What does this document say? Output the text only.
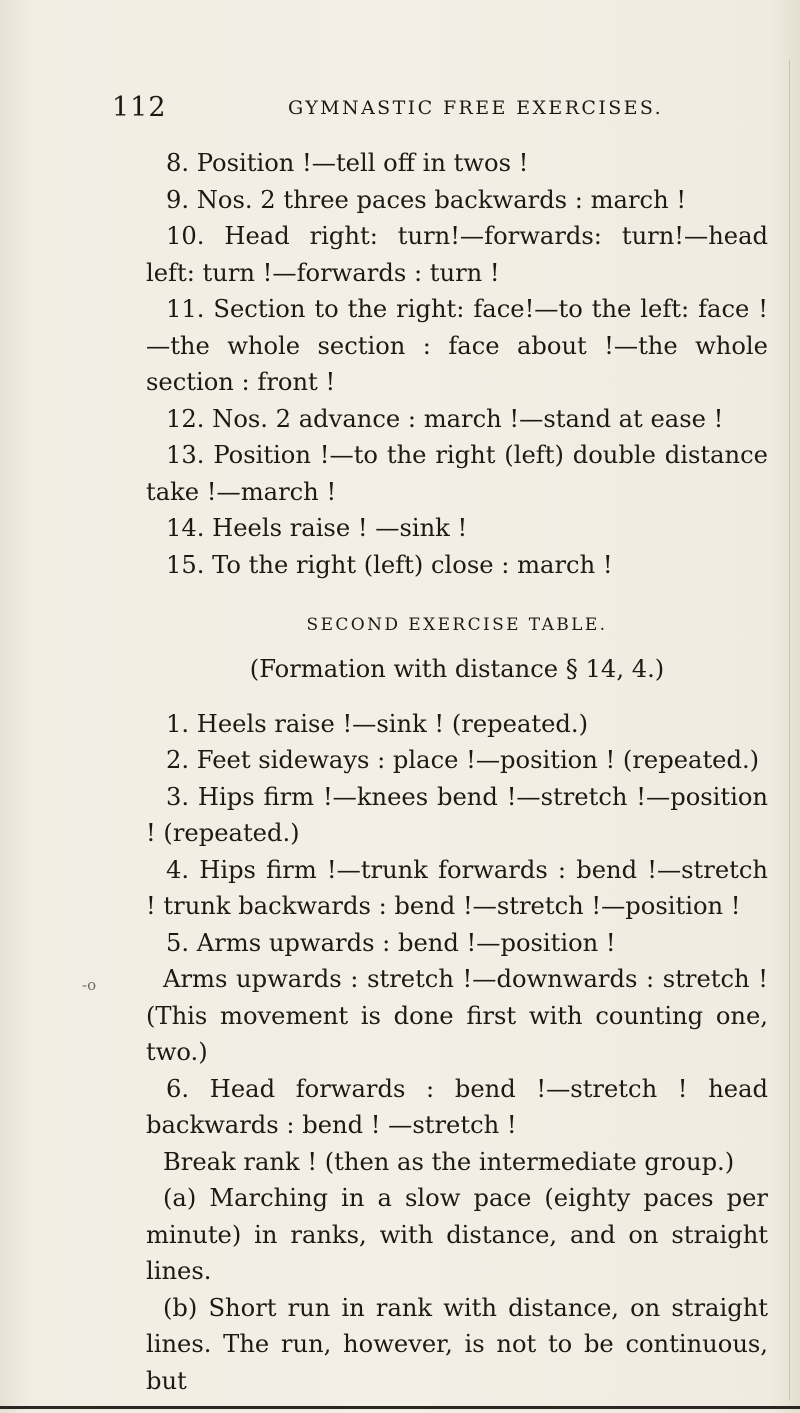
112	GYMNASTIC FREE EXERCISES.
-o

8. Position !—tell off in twos !

9. Nos. 2 three paces backwards : march !

10. Head right: turn!—forwards: turn!—head left: turn !—forwards : turn !

11. Section to the right: face!—to the left: face !—the whole section : face about !—the whole section : front !

12. Nos. 2 advance : march !—stand at ease !

13. Position !—to the right (left) double distance take !—march !

14. Heels raise ! —sink !

15. To the right (left) close : march !

SECOND EXERCISE TABLE.
(Formation with distance § 14, 4.)

1. Heels raise !—sink ! (repeated.)

2. Feet sideways : place !—position ! (repeated.)

3. Hips firm !—knees bend !—stretch !—position ! (repeated.)

4. Hips firm !—trunk forwards : bend !—stretch ! trunk backwards : bend !—stretch !—position !

5. Arms upwards : bend !—position !

Arms upwards : stretch !—downwards : stretch ! (This movement is done first with counting one, two.)

6. Head forwards : bend !—stretch ! head backwards : bend ! —stretch !

Break rank ! (then as the intermediate group.)

(a) Marching in a slow pace (eighty paces per minute) in ranks, with distance, and on straight lines.

(b) Short run in rank with distance, on straight lines. The run, however, is not to be continuous, but
